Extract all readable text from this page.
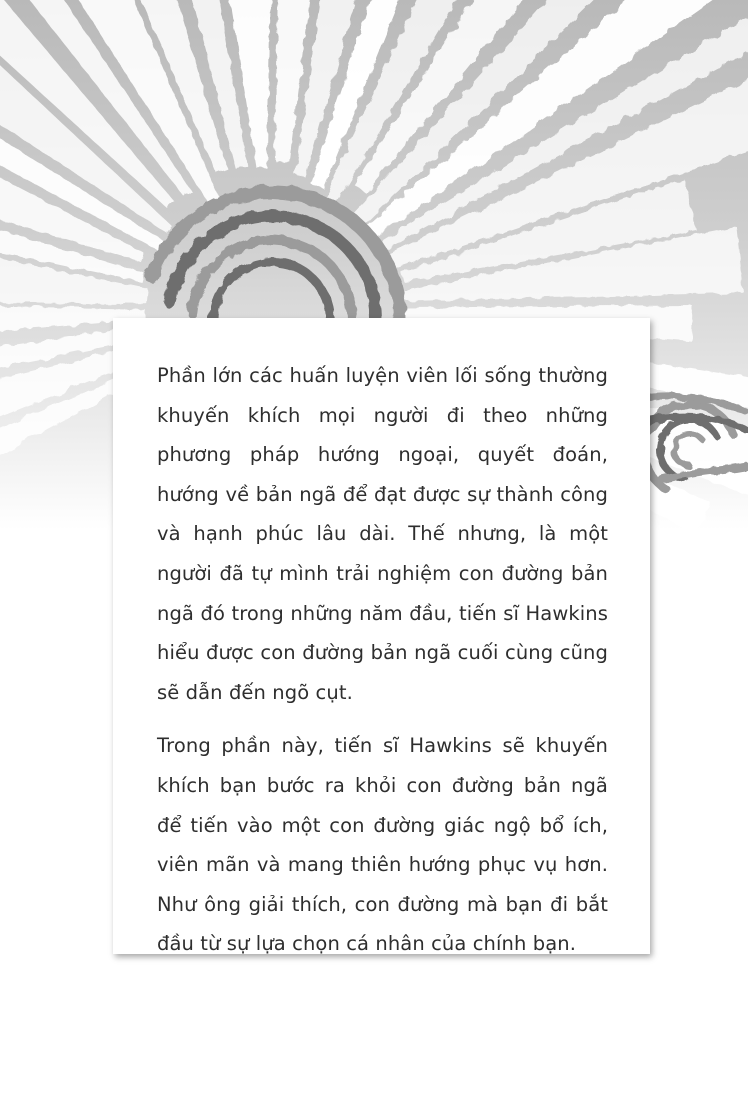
Phần lớn các huấn luyện viên lối sống thường khuyến khích mọi người đi theo những phương pháp hướng ngoại, quyết đoán, hướng về bản ngã để đạt được sự thành công và hạnh phúc lâu dài. Thế nhưng, là một người đã tự mình trải nghiệm con đường bản ngã đó trong những năm đầu, tiến sĩ Hawkins hiểu được con đường bản ngã cuối cùng cũng sẽ dẫn đến ngõ cụt.

Trong phần này, tiến sĩ Hawkins sẽ khuyến khích bạn bước ra khỏi con đường bản ngã để tiến vào một con đường giác ngộ bổ ích, viên mãn và mang thiên hướng phục vụ hơn. Như ông giải thích, con đường mà bạn đi bắt đầu từ sự lựa chọn cá nhân của chính bạn.
